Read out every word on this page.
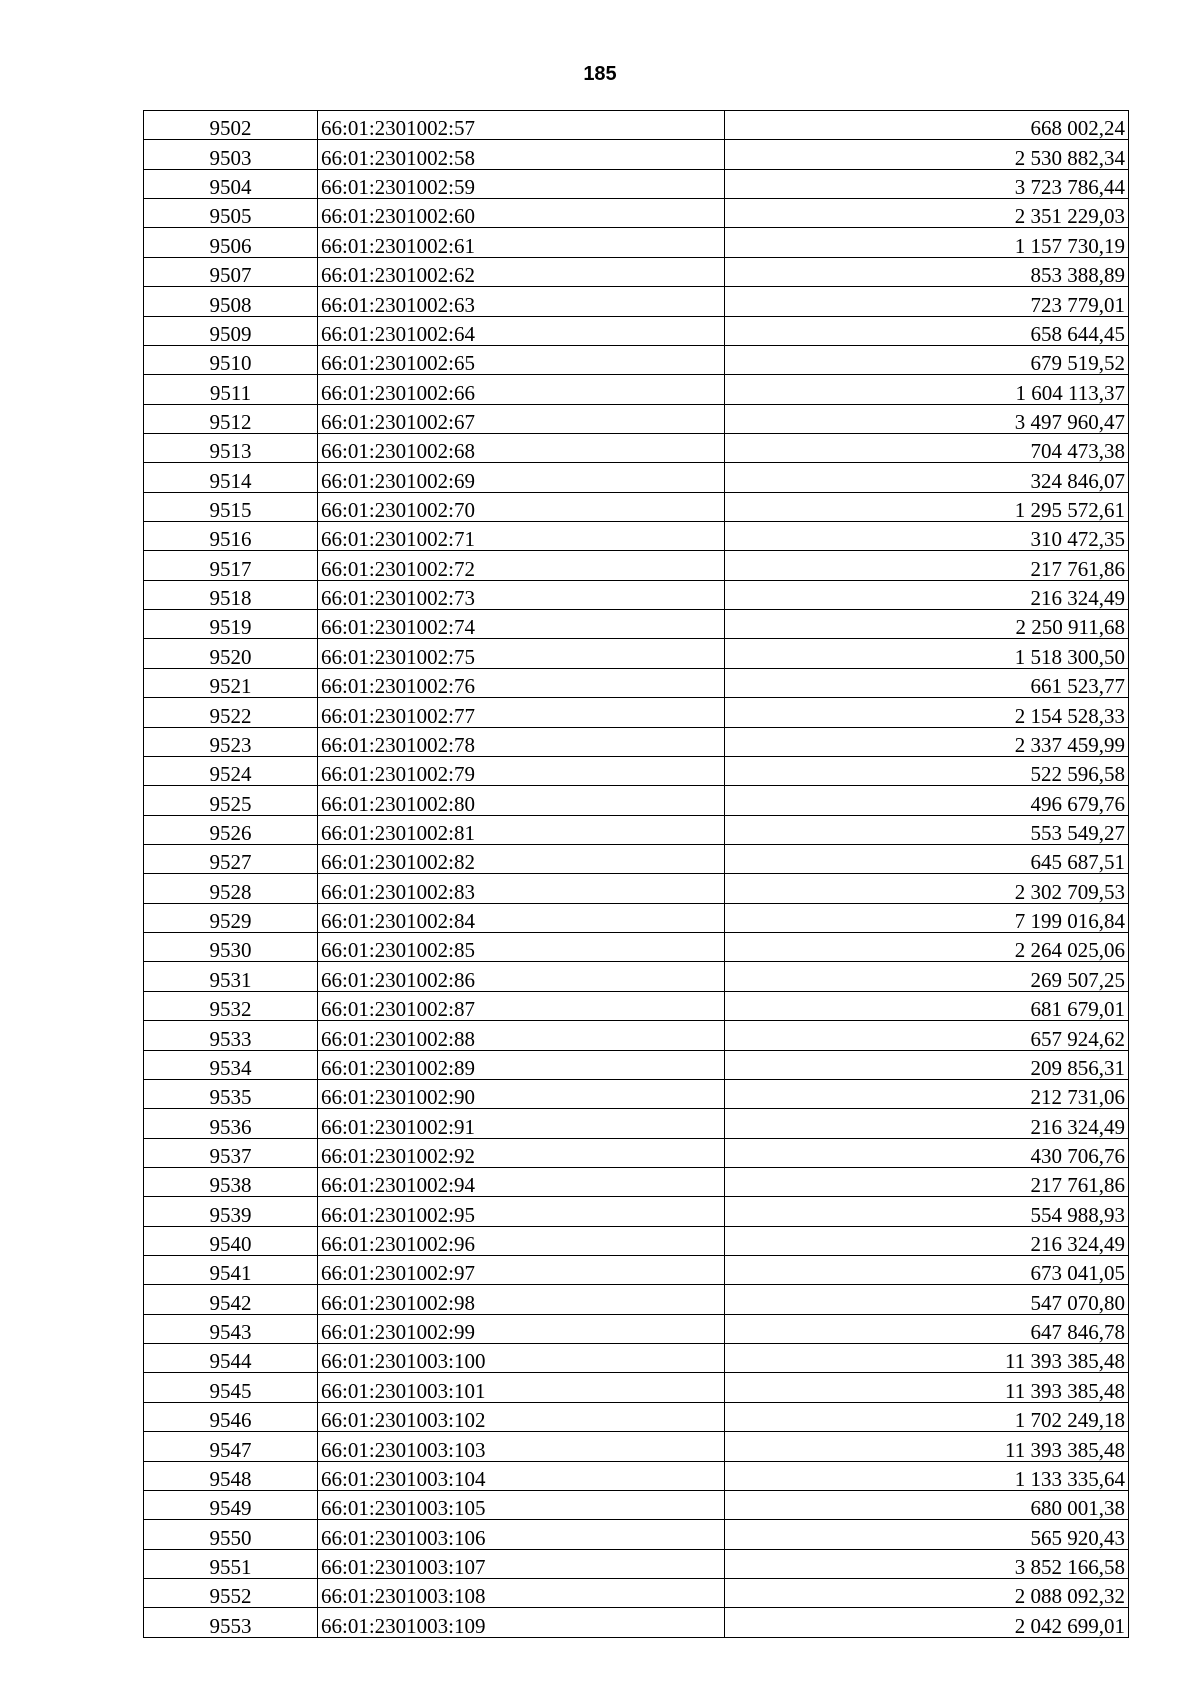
185
9502	66:01:2301002:57	668 002,24
9503	66:01:2301002:58	2 530 882,34
9504	66:01:2301002:59	3 723 786,44
9505	66:01:2301002:60	2 351 229,03
9506	66:01:2301002:61	1 157 730,19
9507	66:01:2301002:62	853 388,89
9508	66:01:2301002:63	723 779,01
9509	66:01:2301002:64	658 644,45
9510	66:01:2301002:65	679 519,52
9511	66:01:2301002:66	1 604 113,37
9512	66:01:2301002:67	3 497 960,47
9513	66:01:2301002:68	704 473,38
9514	66:01:2301002:69	324 846,07
9515	66:01:2301002:70	1 295 572,61
9516	66:01:2301002:71	310 472,35
9517	66:01:2301002:72	217 761,86
9518	66:01:2301002:73	216 324,49
9519	66:01:2301002:74	2 250 911,68
9520	66:01:2301002:75	1 518 300,50
9521	66:01:2301002:76	661 523,77
9522	66:01:2301002:77	2 154 528,33
9523	66:01:2301002:78	2 337 459,99
9524	66:01:2301002:79	522 596,58
9525	66:01:2301002:80	496 679,76
9526	66:01:2301002:81	553 549,27
9527	66:01:2301002:82	645 687,51
9528	66:01:2301002:83	2 302 709,53
9529	66:01:2301002:84	7 199 016,84
9530	66:01:2301002:85	2 264 025,06
9531	66:01:2301002:86	269 507,25
9532	66:01:2301002:87	681 679,01
9533	66:01:2301002:88	657 924,62
9534	66:01:2301002:89	209 856,31
9535	66:01:2301002:90	212 731,06
9536	66:01:2301002:91	216 324,49
9537	66:01:2301002:92	430 706,76
9538	66:01:2301002:94	217 761,86
9539	66:01:2301002:95	554 988,93
9540	66:01:2301002:96	216 324,49
9541	66:01:2301002:97	673 041,05
9542	66:01:2301002:98	547 070,80
9543	66:01:2301002:99	647 846,78
9544	66:01:2301003:100	11 393 385,48
9545	66:01:2301003:101	11 393 385,48
9546	66:01:2301003:102	1 702 249,18
9547	66:01:2301003:103	11 393 385,48
9548	66:01:2301003:104	1 133 335,64
9549	66:01:2301003:105	680 001,38
9550	66:01:2301003:106	565 920,43
9551	66:01:2301003:107	3 852 166,58
9552	66:01:2301003:108	2 088 092,32
9553	66:01:2301003:109	2 042 699,01
